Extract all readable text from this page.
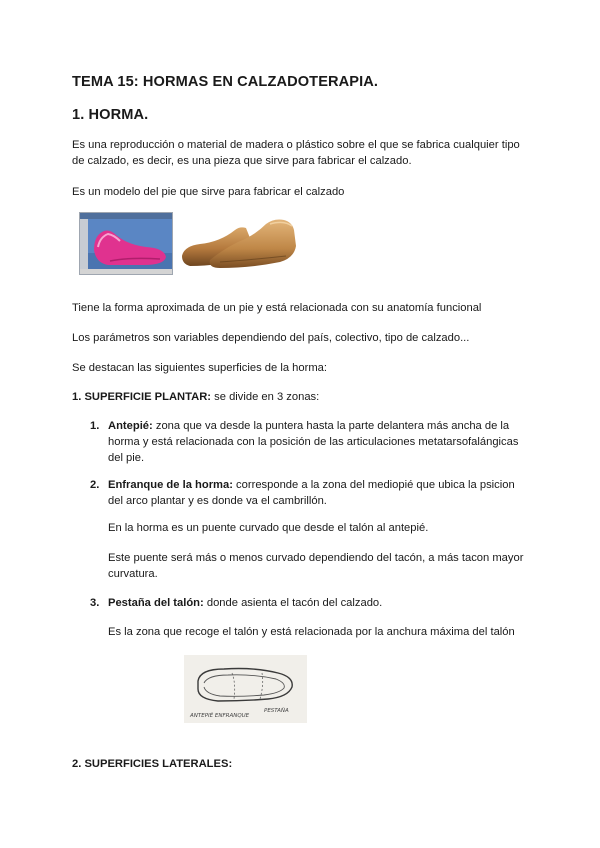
TEMA 15: HORMAS EN CALZADOTERAPIA.
1. HORMA.
Es una reproducción o material de madera o plástico sobre el que se fabrica cualquier tipo
de calzado, es decir, es una pieza que sirve para fabricar el calzado.
Es un modelo del pie que sirve para fabricar el calzado
Tiene la forma aproximada de un pie y está relacionada con su anatomía funcional
Los parámetros son variables dependiendo del país, colectivo, tipo de calzado...
Se destacan las siguientes superficies de la horma:
1. SUPERFICIE PLANTAR: se divide en 3 zonas:
1. Antepié: zona que va desde la puntera hasta la parte delantera más ancha de la
horma y está relacionada con la posición de las articulaciones metatarsofalángicas
del pie.
2. Enfranque de la horma: corresponde a la zona del mediopié que ubica la psicion
del arco plantar y es donde va el cambrillón.
En la horma es un puente curvado que desde el talón al antepié.
Este puente será más o menos curvado dependiendo del tacón, a más tacon mayor
curvatura.
3. Pestaña del talón: donde asienta el tacón del calzado.
Es la zona que recoge el talón y está relacionada por la anchura máxima del talón
ANTEPIÉ ENFRANQUE
PESTAÑA
2. SUPERFICIES LATERALES:
